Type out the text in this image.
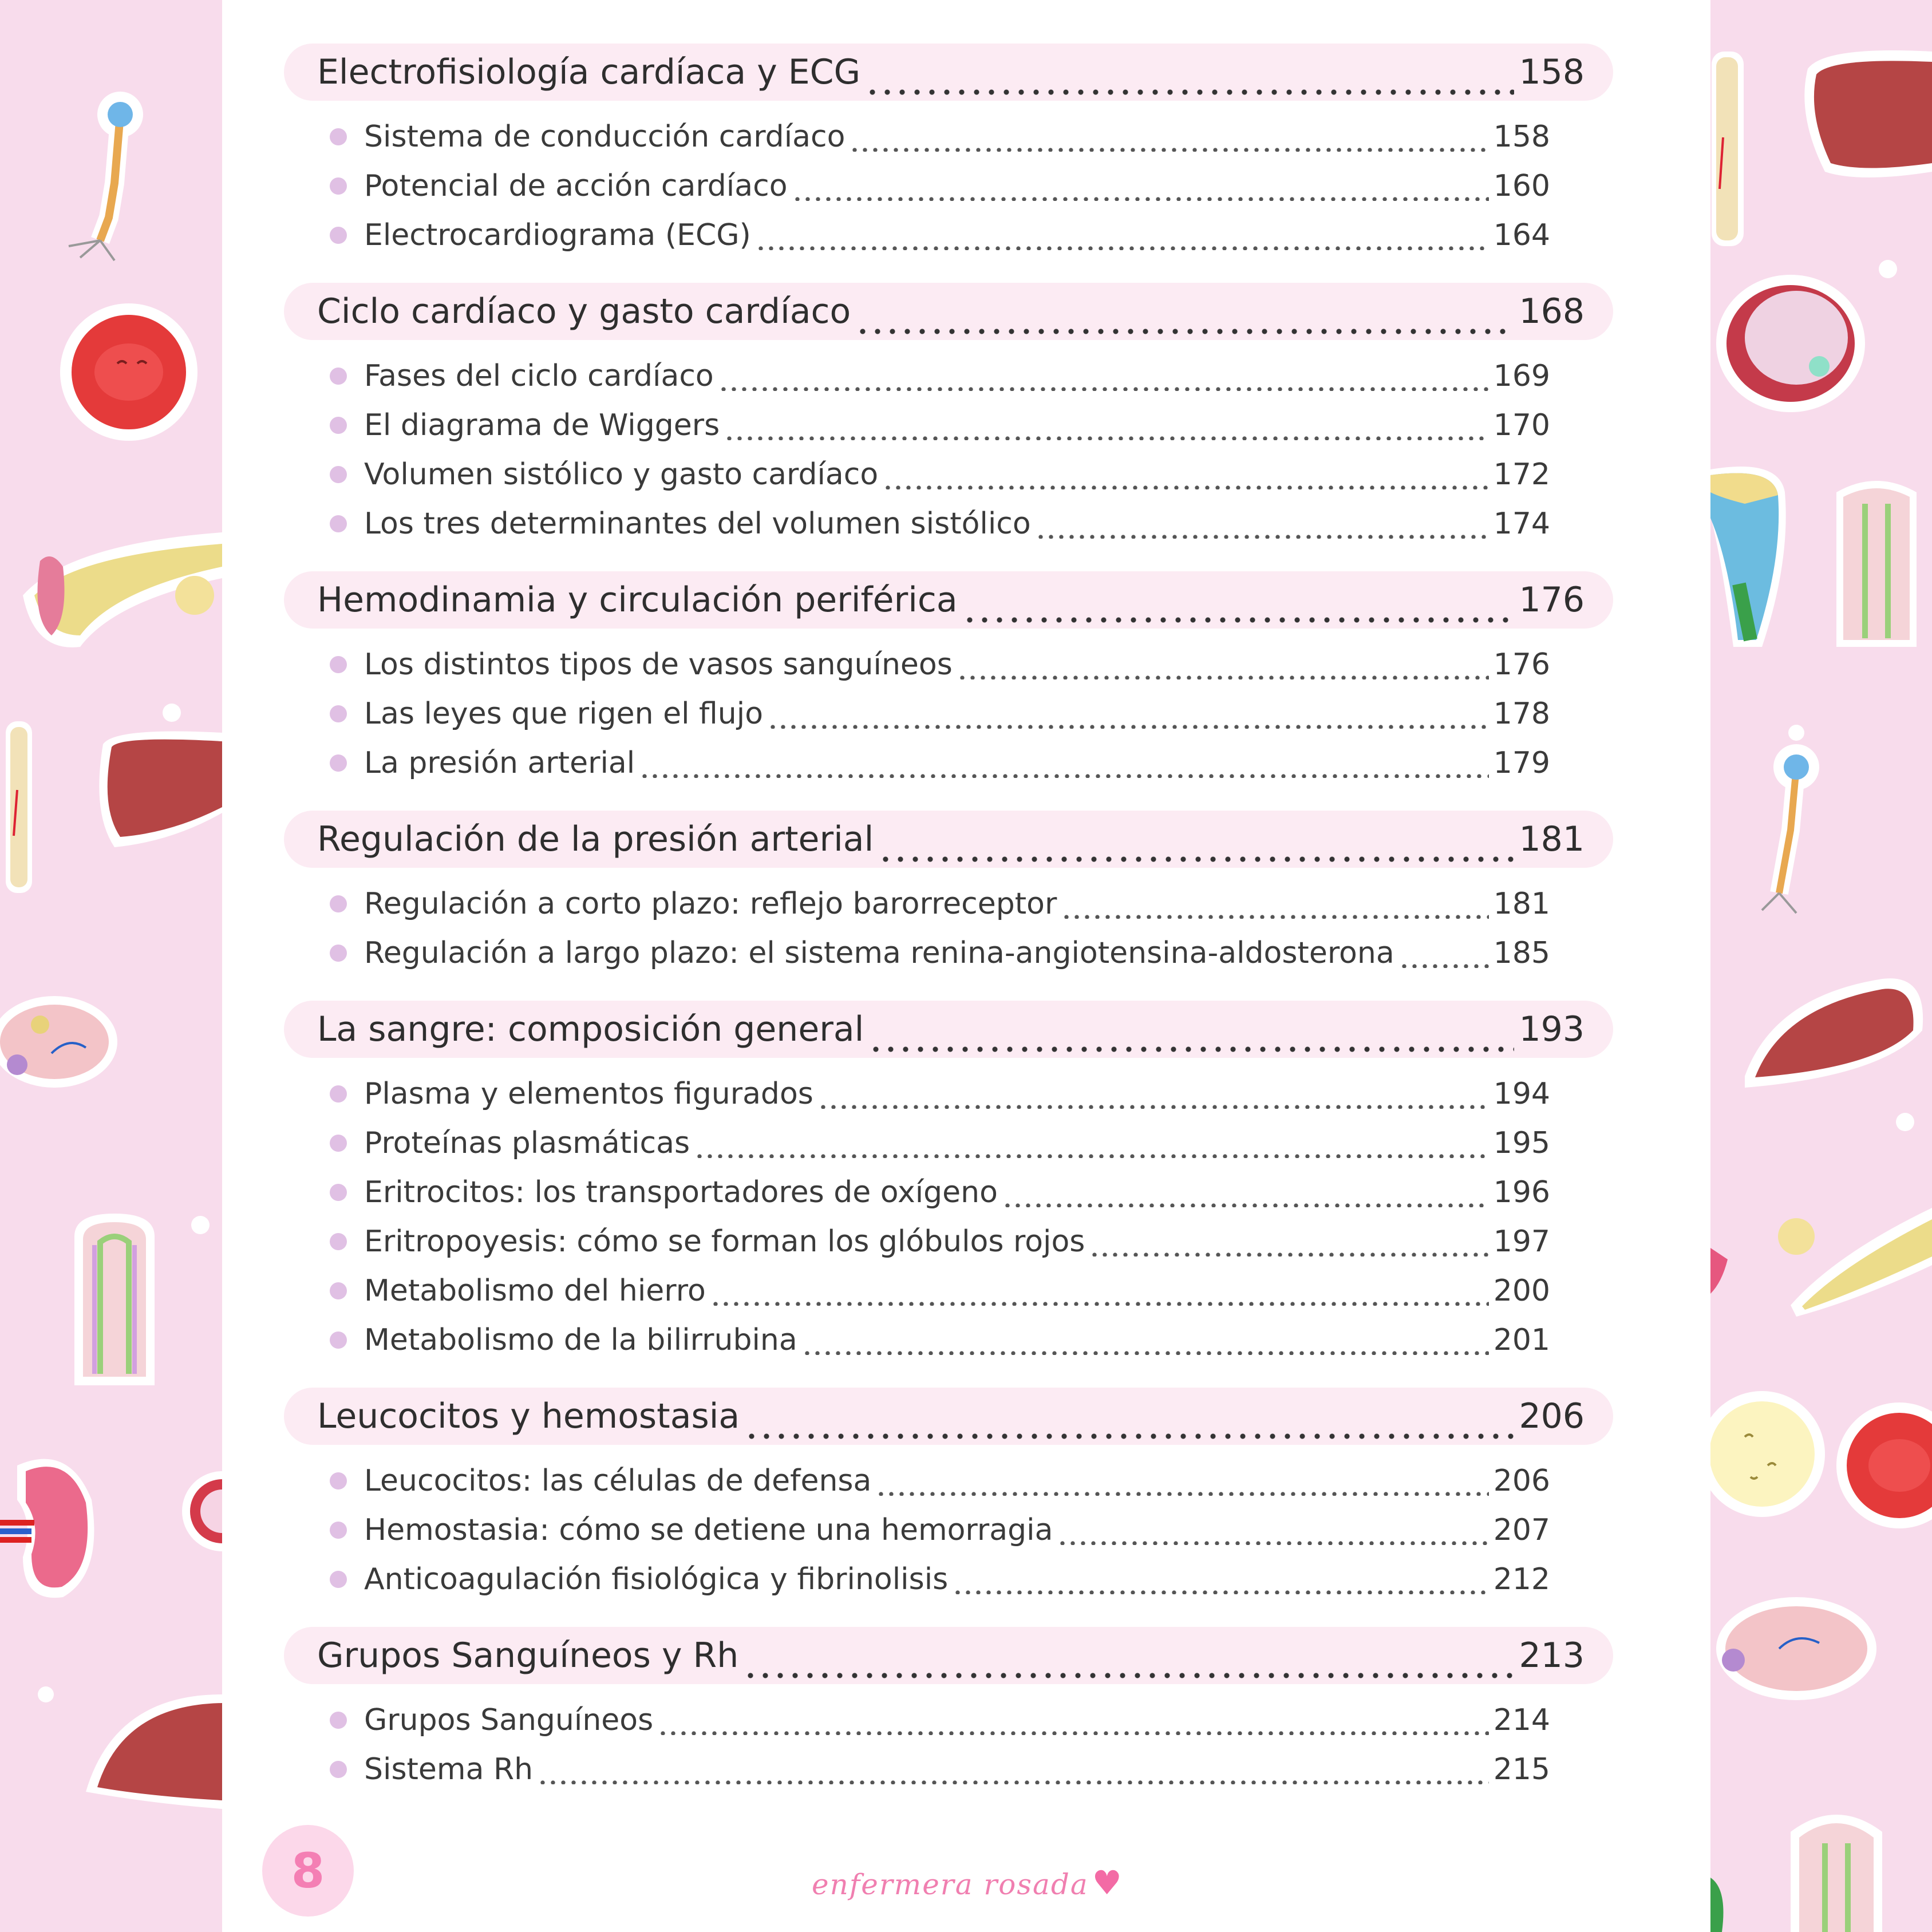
Electrofisiología cardíaca y ECG	158
Sistema de conducción cardíaco	158
Potencial de acción cardíaco	160
Electrocardiograma (ECG)	164
Ciclo cardíaco y gasto cardíaco	168
Fases del ciclo cardíaco	169
El diagrama de Wiggers	170
Volumen sistólico y gasto cardíaco	172
Los tres determinantes del volumen sistólico	174
Hemodinamia y circulación periférica	176
Los distintos tipos de vasos sanguíneos	176
Las leyes que rigen el flujo	178
La presión arterial	179
Regulación de la presión arterial	181
Regulación a corto plazo: reflejo barorreceptor	181
Regulación a largo plazo: el sistema renina-angiotensina-aldosterona	185
La sangre: composición general	193
Plasma y elementos figurados	194
Proteínas plasmáticas	195
Eritrocitos: los transportadores de oxígeno	196
Eritropoyesis: cómo se forman los glóbulos rojos	197
Metabolismo del hierro	200
Metabolismo de la bilirrubina	201
Leucocitos y hemostasia	206
Leucocitos: las células de defensa	206
Hemostasia: cómo se detiene una hemorragia	207
Anticoagulación fisiológica y fibrinolisis	212
Grupos Sanguíneos y Rh	213
Grupos Sanguíneos	214
Sistema Rh	215
8	enfermera rosada ♥
